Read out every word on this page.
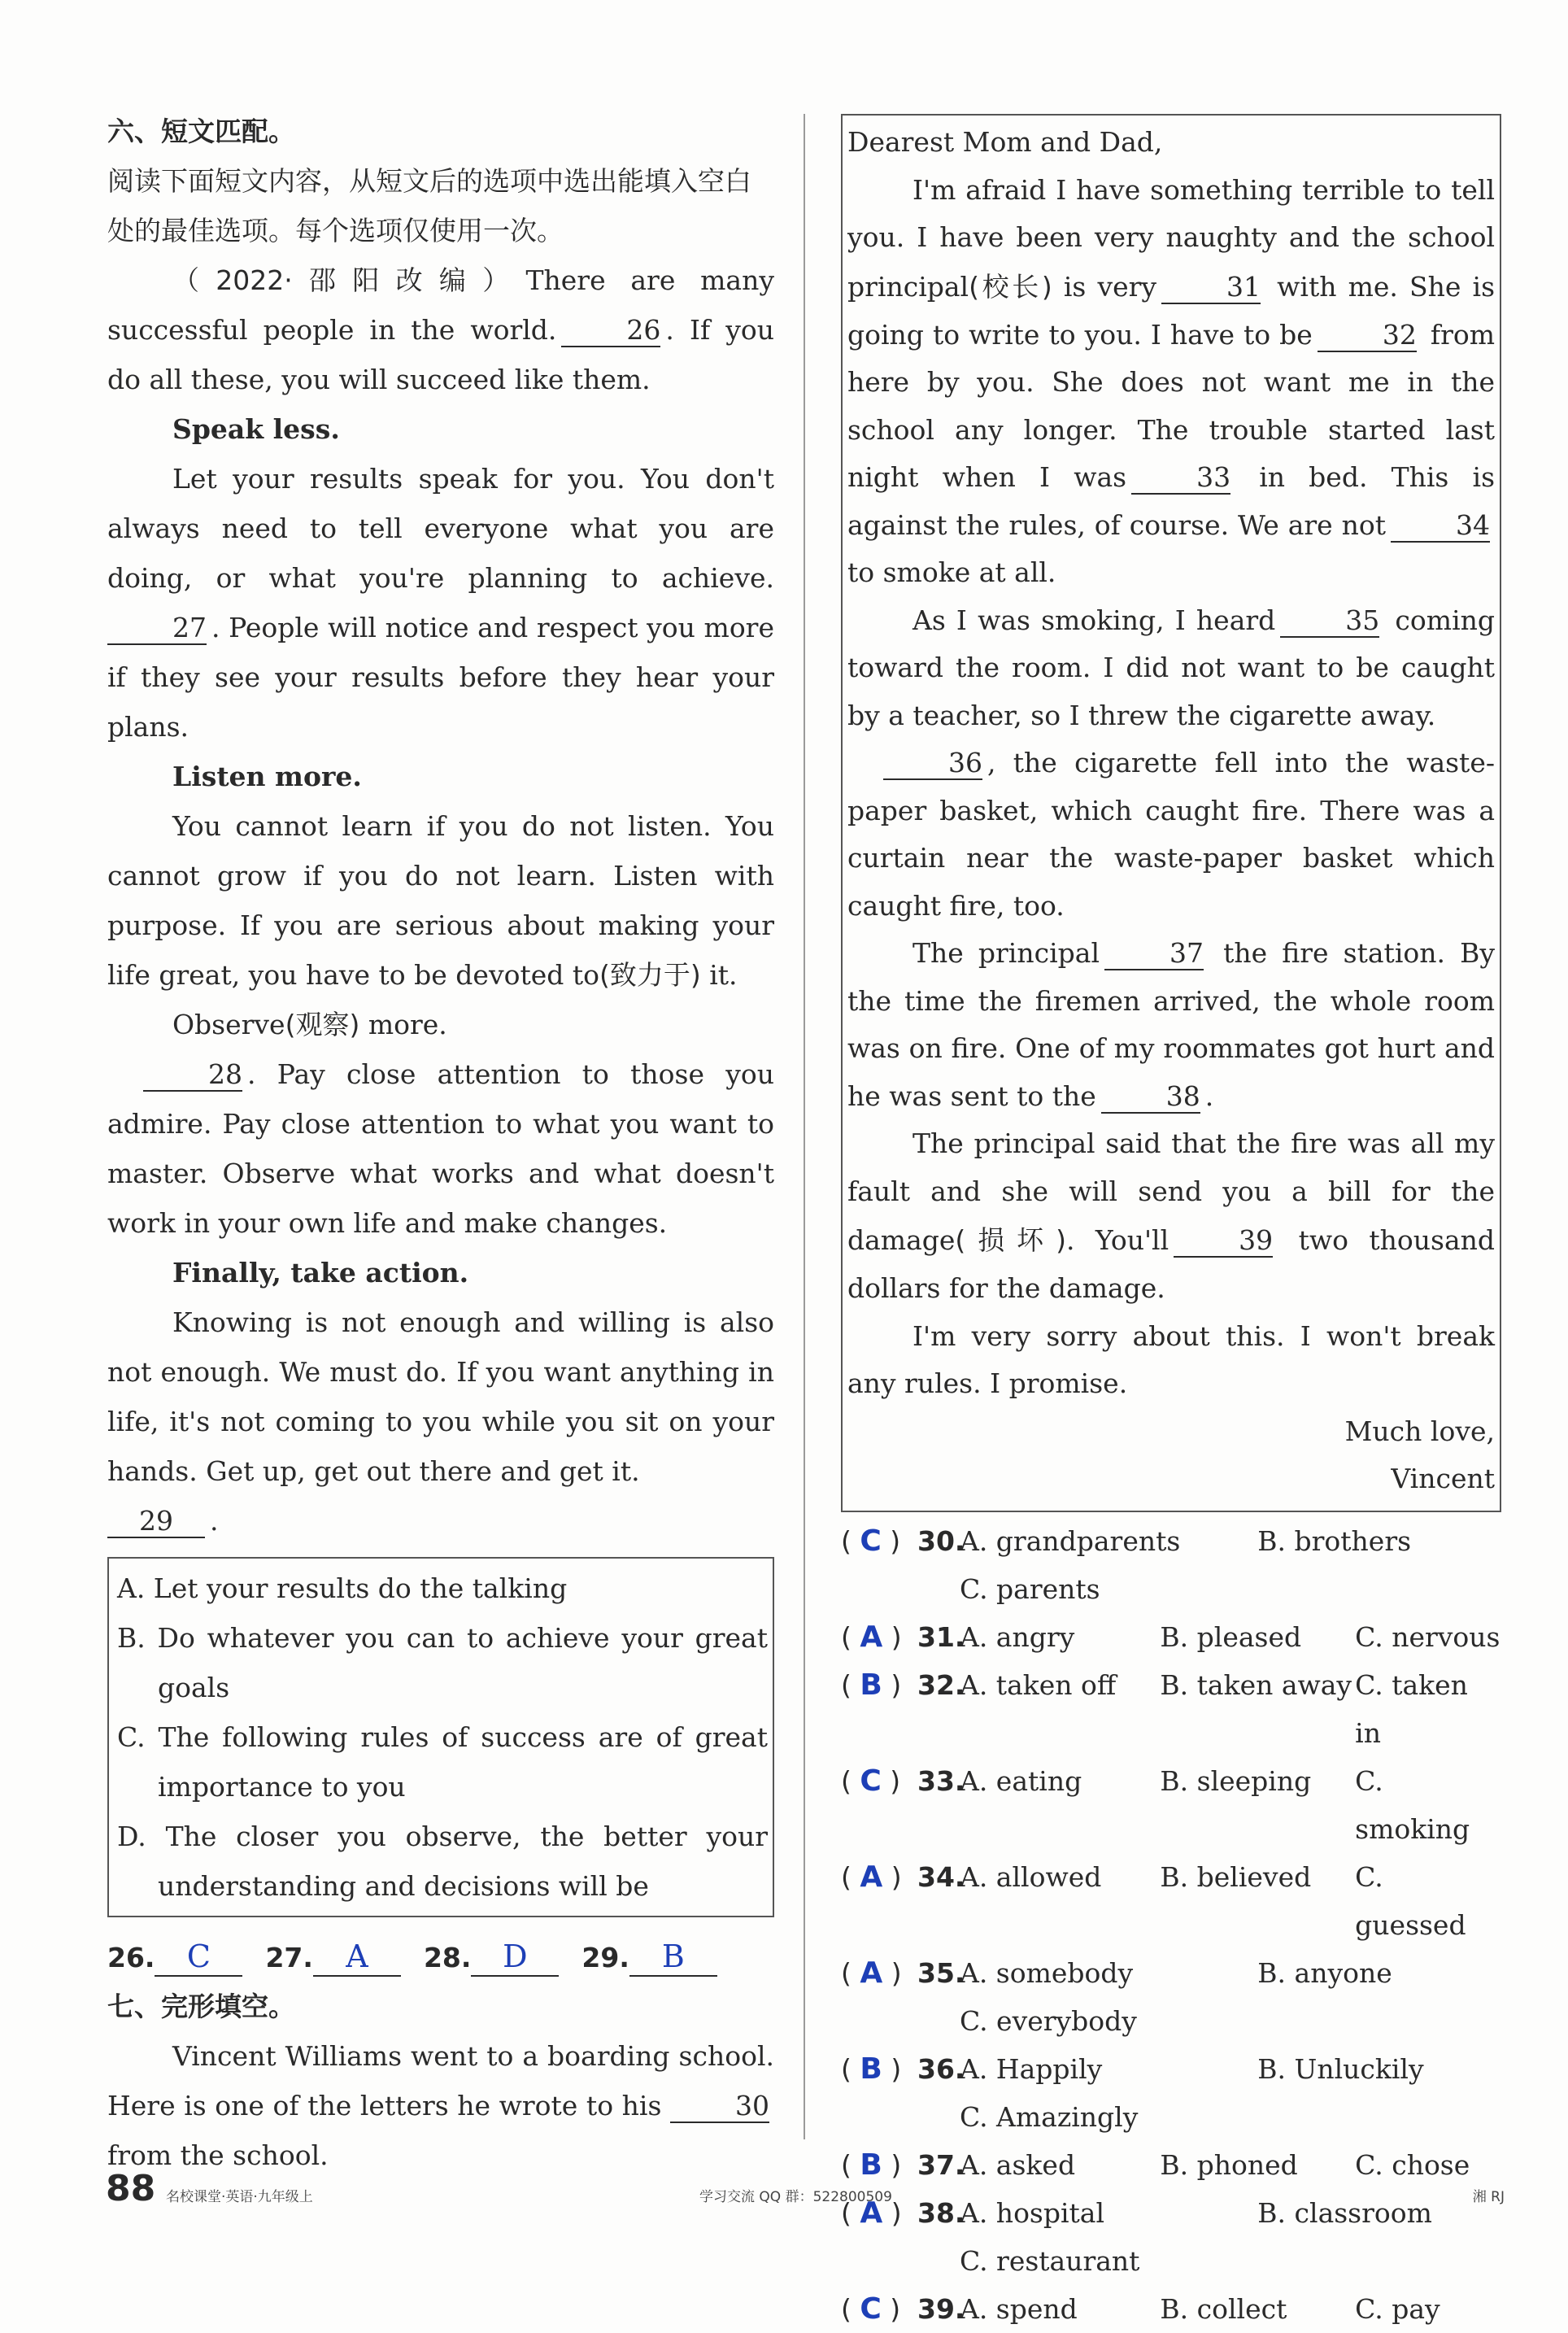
六、短文匹配。
阅读下面短文内容，从短文后的选项中选出能填入空白处的最佳选项。每个选项仅使用一次。
（2022·邵阳改编）There are many successful people in the world.	26 . If you do all these, you will succeed like them.
Speak less.
Let your results speak for you. You don't always need to tell everyone what you are doing, or what you're planning to achieve. 27 . People will notice and respect you more if they see your results before they hear your plans.
Listen more.
You cannot learn if you do not listen. You cannot grow if you do not learn. Listen with purpose. If you are serious about making your life great, you have to be devoted to(致力于) it.
Observe(观察) more.
28 . Pay close attention to those you admire. Pay close attention to what you want to master. Observe what works and what doesn't work in your own life and make changes.
Finally, take action.
Knowing is not enough and willing is also not enough. We must do. If you want anything in life, it's not coming to you while you sit on your hands. Get up, get out there and get it.
29 .
A. Let your results do the talking
B. Do whatever you can to achieve your great goals
C. The following rules of success are of great importance to you
D. The closer you observe, the better your understanding and decisions will be
26. C	27. A	28. D	29. B
七、完形填空。
Vincent Williams went to a boarding school. Here is one of the letters he wrote to his	30 from the school.
Dearest Mom and Dad,
I'm afraid I have something terrible to tell you. I have been very naughty and the school principal(校长) is very	31 with me. She is going to write to you. I have to be	32 from here by you. She does not want me in the school any longer. The trouble started last night when I was	33 in bed. This is against the rules, of course. We are not	34 to smoke at all.
As I was smoking, I heard	35 coming toward the room. I did not want to be caught by a teacher, so I threw the cigarette away.
36 , the cigarette fell into the waste-paper basket, which caught fire. There was a curtain near the waste-paper basket which caught fire, too.
The principal	37 the fire station. By the time the firemen arrived, the whole room was on fire. One of my roommates got hurt and he was sent to the	38 .
The principal said that the fire was all my fault and she will send you a bill for the damage(损坏). You'll	39 two thousand dollars for the damage.
I'm very sorry about this. I won't break any rules. I promise.
Much love,
Vincent
( C ) 30.
A. grandparents	B. brothers
C. parents
( A ) 31.
A. angry	B. pleased	C. nervous
( B ) 32.
A. taken off	B. taken away C. taken in
( C ) 33.
A. eating	B. sleeping	C. smoking
( A ) 34.
A. allowed	B. believed	C. guessed
( A ) 35.
A. somebody	B. anyone
C. everybody
( B ) 36.
A. Happily	B. Unluckily
C. Amazingly
( B ) 37.
A. asked	B. phoned	C. chose
( A ) 38.
A. hospital	B. classroom
C. restaurant
( C ) 39.
A. spend	B. collect	C. pay
88 名校课堂·英语·九年级上	学习交流 QQ 群：522800509	湘 RJ
